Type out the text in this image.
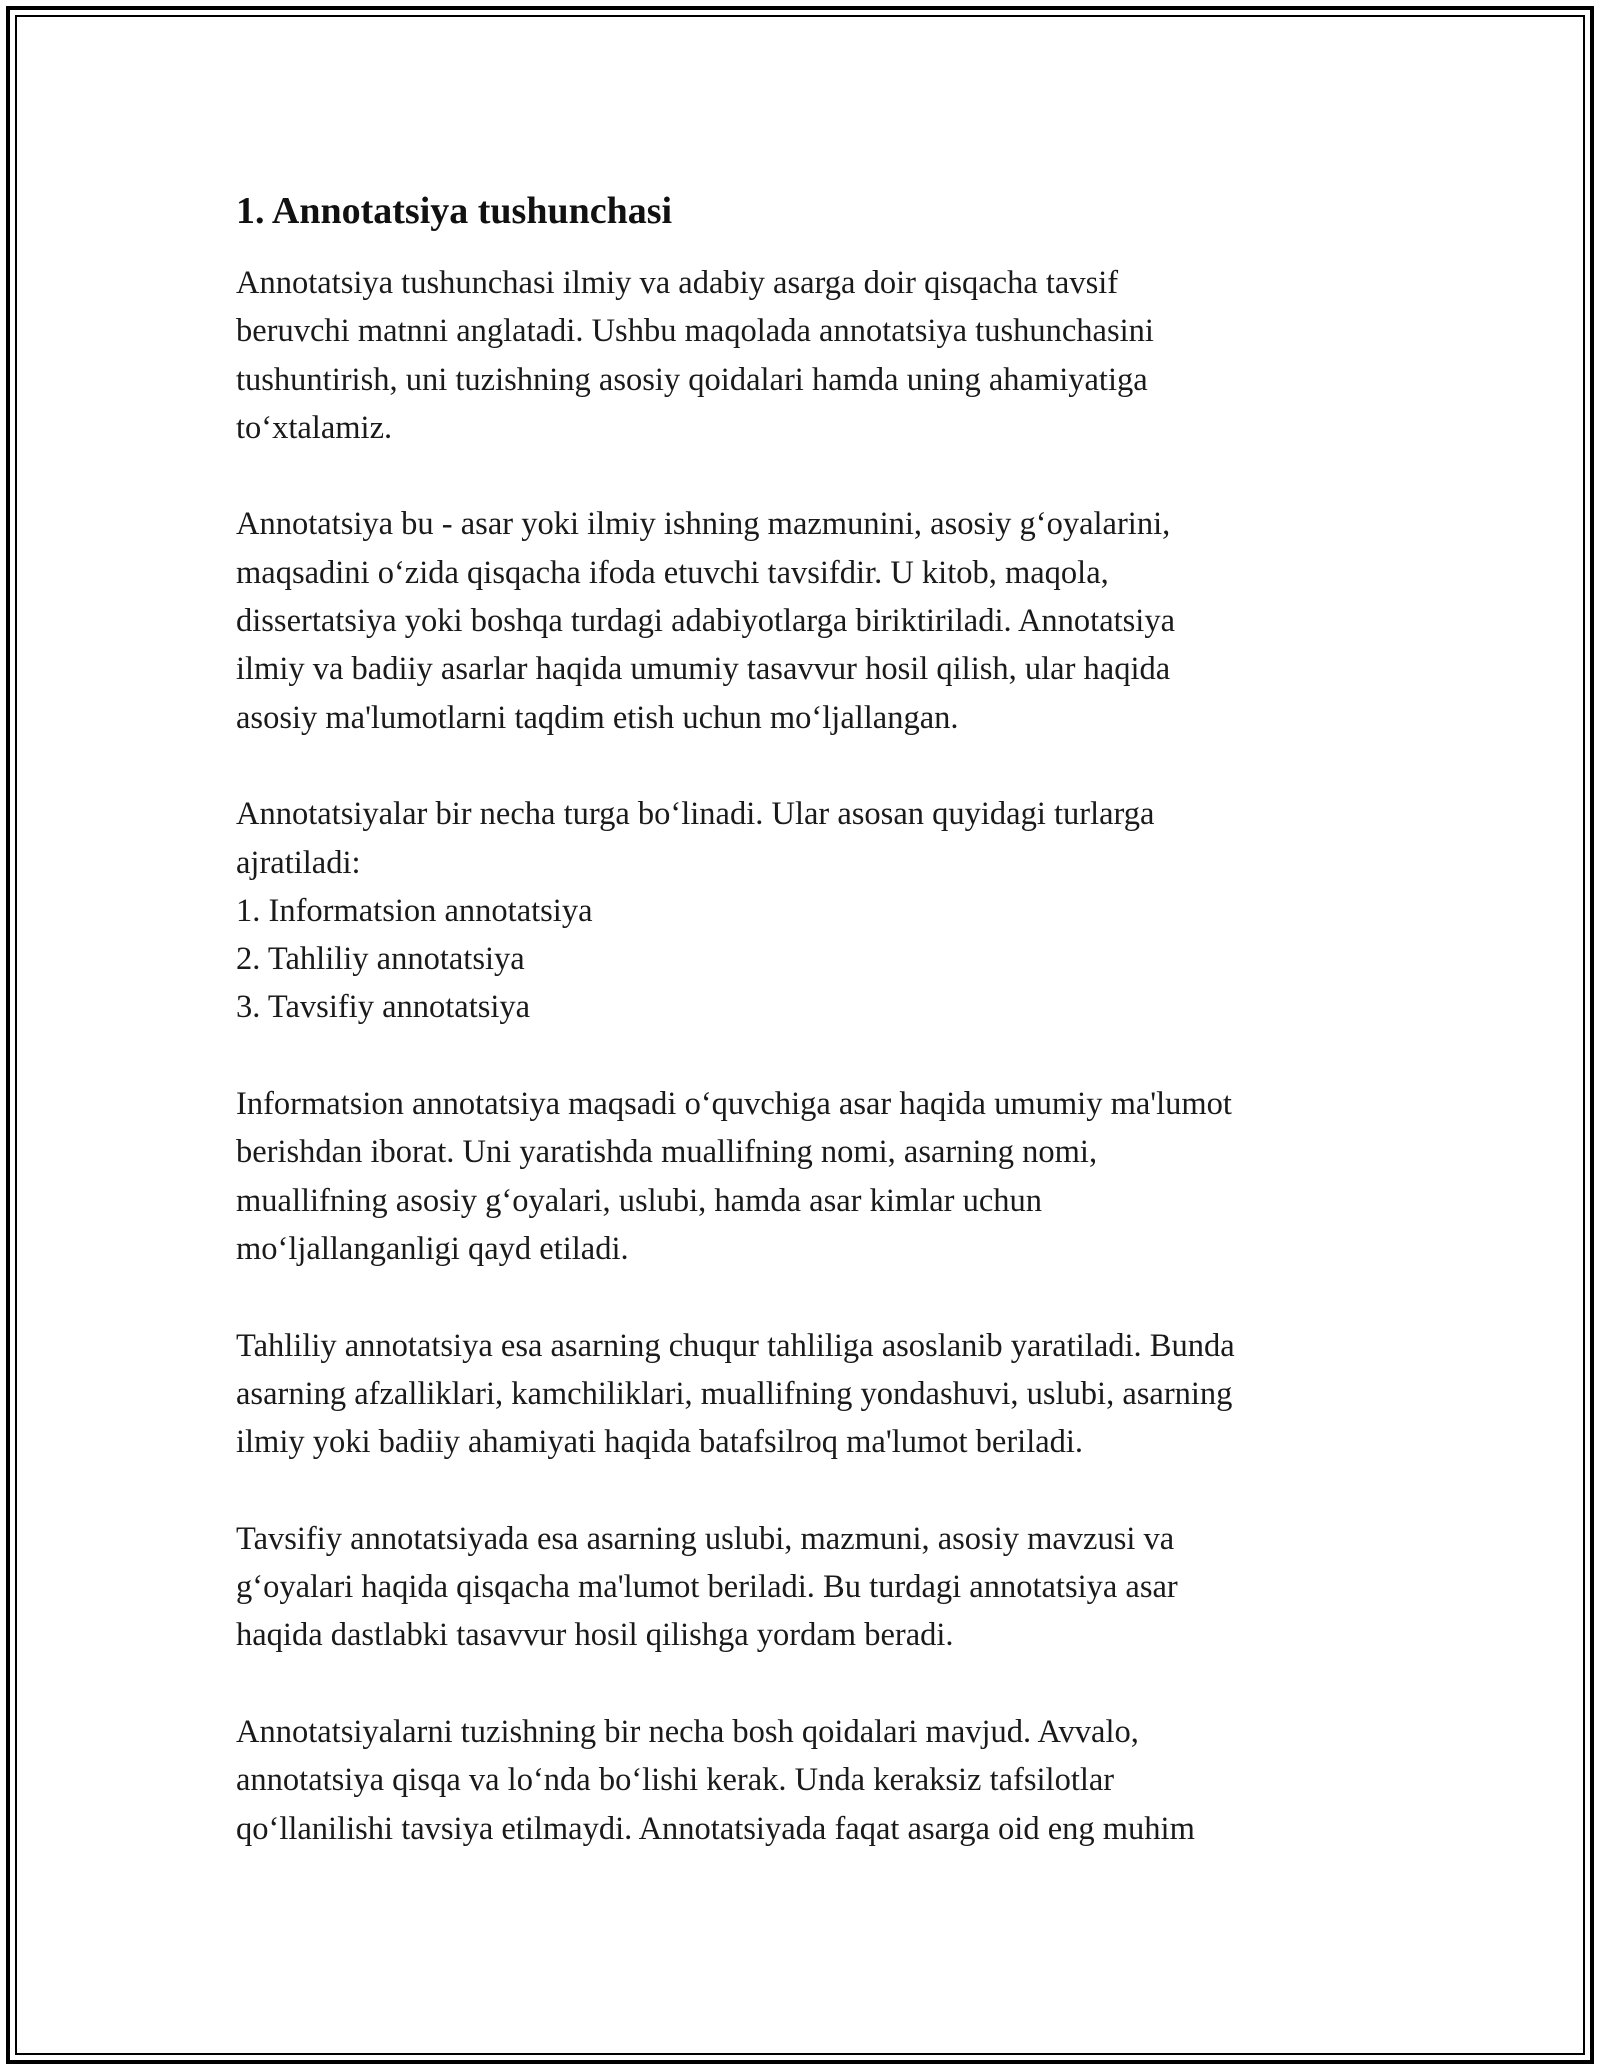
1. Annotatsiya tushunchasi
Annotatsiya tushunchasi ilmiy va adabiy asarga doir qisqacha tavsif
beruvchi matnni anglatadi. Ushbu maqolada annotatsiya tushunchasini
tushuntirish, uni tuzishning asosiy qoidalari hamda uning ahamiyatiga
to‘xtalamiz.
Annotatsiya bu - asar yoki ilmiy ishning mazmunini, asosiy g‘oyalarini,
maqsadini o‘zida qisqacha ifoda etuvchi tavsifdir. U kitob, maqola,
dissertatsiya yoki boshqa turdagi adabiyotlarga biriktiriladi. Annotatsiya
ilmiy va badiiy asarlar haqida umumiy tasavvur hosil qilish, ular haqida
asosiy ma'lumotlarni taqdim etish uchun mo‘ljallangan.
Annotatsiyalar bir necha turga bo‘linadi. Ular asosan quyidagi turlarga
ajratiladi:
1. Informatsion annotatsiya
2. Tahliliy annotatsiya
3. Tavsifiy annotatsiya
Informatsion annotatsiya maqsadi o‘quvchiga asar haqida umumiy ma'lumot
berishdan iborat. Uni yaratishda muallifning nomi, asarning nomi,
muallifning asosiy g‘oyalari, uslubi, hamda asar kimlar uchun
mo‘ljallanganligi qayd etiladi.
Tahliliy annotatsiya esa asarning chuqur tahliliga asoslanib yaratiladi. Bunda
asarning afzalliklari, kamchiliklari, muallifning yondashuvi, uslubi, asarning
ilmiy yoki badiiy ahamiyati haqida batafsilroq ma'lumot beriladi.
Tavsifiy annotatsiyada esa asarning uslubi, mazmuni, asosiy mavzusi va
g‘oyalari haqida qisqacha ma'lumot beriladi. Bu turdagi annotatsiya asar
haqida dastlabki tasavvur hosil qilishga yordam beradi.
Annotatsiyalarni tuzishning bir necha bosh qoidalari mavjud. Avvalo,
annotatsiya qisqa va lo‘nda bo‘lishi kerak. Unda keraksiz tafsilotlar
qo‘llanilishi tavsiya etilmaydi. Annotatsiyada faqat asarga oid eng muhim
